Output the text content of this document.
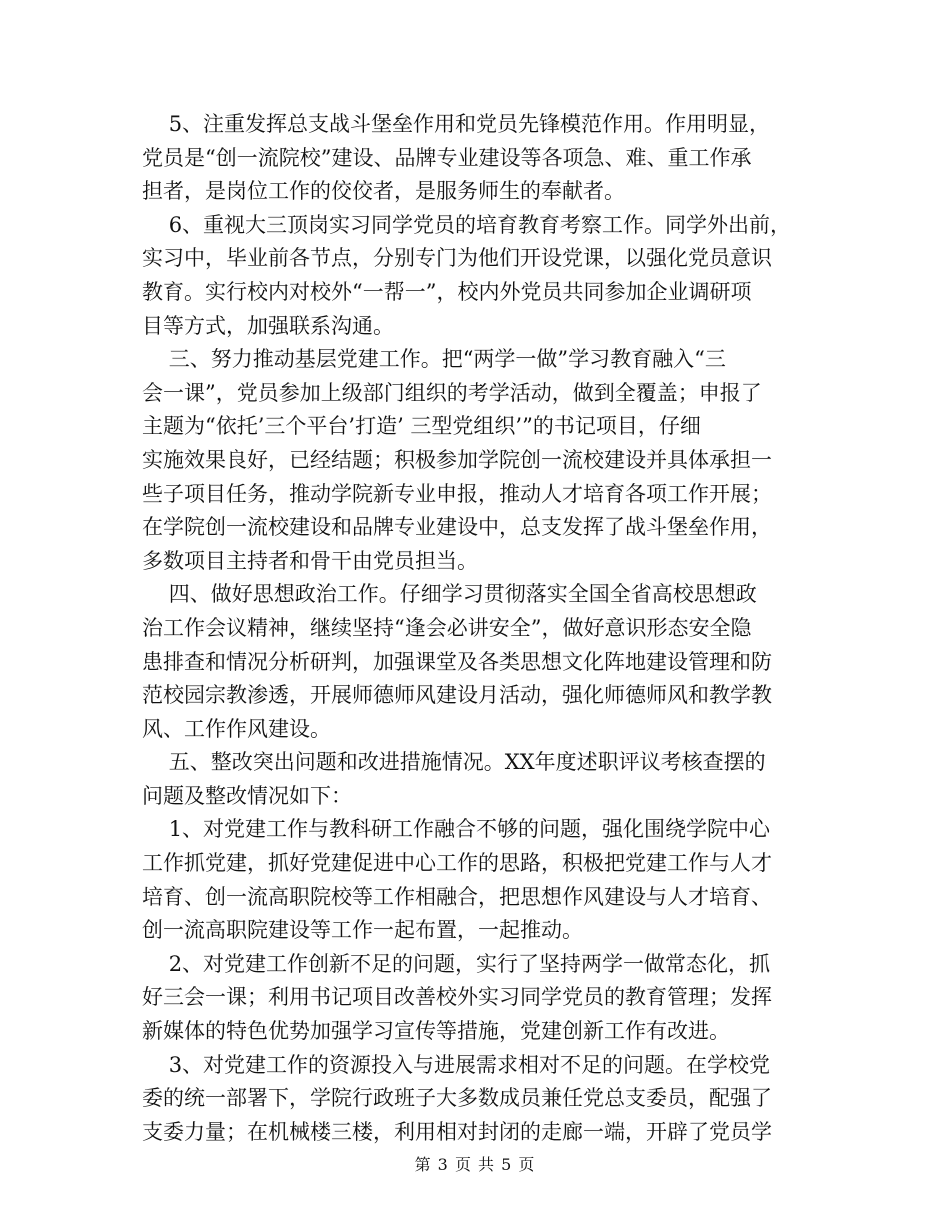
5、注重发挥总支战斗堡垒作用和党员先锋模范作用。作用明显，
党员是“创一流院校”建设、品牌专业建设等各项急、难、重工作承
担者，是岗位工作的佼佼者，是服务师生的奉献者。
6、重视大三顶岗实习同学党员的培育教育考察工作。同学外出前，
实习中，毕业前各节点，分别专门为他们开设党课，以强化党员意识
教育。实行校内对校外“一帮一”，校内外党员共同参加企业调研项
目等方式，加强联系沟通。
三、努力推动基层党建工作。把“两学一做”学习教育融入“三
会一课”，党员参加上级部门组织的考学活动，做到全覆盖；申报了
主题为“依托’三个平台’打造’ 三型党组织’”的书记项目，仔细
实施效果良好，已经结题；积极参加学院创一流校建设并具体承担一
些子项目任务，推动学院新专业申报，推动人才培育各项工作开展；
在学院创一流校建设和品牌专业建设中，总支发挥了战斗堡垒作用，
多数项目主持者和骨干由党员担当。
四、做好思想政治工作。仔细学习贯彻落实全国全省高校思想政
治工作会议精神，继续坚持“逢会必讲安全”，做好意识形态安全隐
患排查和情况分析研判，加强课堂及各类思想文化阵地建设管理和防
范校园宗教渗透，开展师德师风建设月活动，强化师德师风和教学教
风、工作作风建设。
五、整改突出问题和改进措施情况。XX年度述职评议考核查摆的
问题及整改情况如下：
1、对党建工作与教科研工作融合不够的问题，强化围绕学院中心
工作抓党建，抓好党建促进中心工作的思路，积极把党建工作与人才
培育、创一流高职院校等工作相融合，把思想作风建设与人才培育、
创一流高职院建设等工作一起布置，一起推动。
2、对党建工作创新不足的问题，实行了坚持两学一做常态化，抓
好三会一课；利用书记项目改善校外实习同学党员的教育管理；发挥
新媒体的特色优势加强学习宣传等措施，党建创新工作有改进。
3、对党建工作的资源投入与进展需求相对不足的问题。在学校党
委的统一部署下，学院行政班子大多数成员兼任党总支委员，配强了
支委力量；在机械楼三楼，利用相对封闭的走廊一端，开辟了党员学
第 3 页 共 5 页
